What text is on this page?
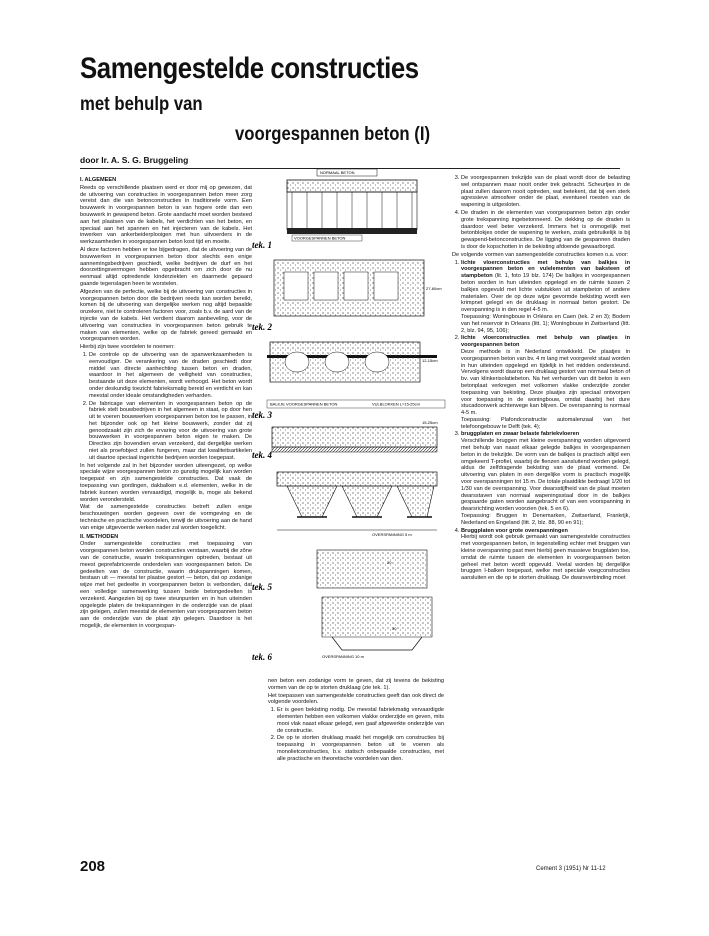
Samengestelde constructies
met behulp van
voorgespannen beton (I)
door Ir. A. S. G. Bruggeling
I. ALGEMEEN

Reeds op verschillende plaatsen werd er door mij op gewezen, dat de uitvoering van constructies in voorgespannen beton meer zorg vereist dan die van betonconstructies in traditionele vorm. Een bouwwerk in voorgespannen beton is van hogere orde dan een bouwwerk in gewapend beton. Grote aandacht moet worden besteed aan het plaatsen van de kabels, het verdichten van het beton, en speciaal aan het spannen en het injecteren van de kabels. Het inwerken van ankerbeiderplooigen met hun uitvoerders in de werkzaamheden in voorgespannen beton kost tijd en moeite.

Al deze factoren hebben er toe bijgedragen, dat de uitvoering van de bouwwerken in voorgespannen beton door slechts een enige aannemingsbedrijven geschiedt, welke bedrijven de durf en het doorzettingsvermogen hebben opgebracht om zich door de nu eenmaal altijd optredende kinderziekten en daarmede gepaard gaande tegenslagen heen te worstelen.

Afgezien van de perfectie, welke bij de uitvoering van constructies in voorgespannen beton door die bedrijven reeds kan worden bereikt, komen bij de uitvoering van dergelijke werken nog altijd bepaalde onzekere, niet te controleren factoren voor, zoals b.v. de aard van de injectie van de kabels. Het verdient daarom aanbeveling, voor de uitvoering van constructies in voorgespannen beton gebruik te maken van elementen, welke op de fabriek gereed gemaakt en voorgespannen worden.

Hierbij zijn twee voordelen te noemen:

1. De controle op de uitvoering van de spanwerkzaamheden is eenvoudiger. De verankering van de draden geschiedt door middel van directe aanhechting tussen beton en draden, waardoor in het algemeen de veiligheid van constructies, bestaande uit deze elementen, wordt verhoogd. Het beton wordt onder deskundig toezicht fabrieksmatig bereid en verdicht en kan meestal onder ideale omstandigheden verharden.
2. De fabricage van elementen in voorgespannen beton op de fabriek stelt bouwbedrijven in het algemeen in staat, op door hen uit te voeren bouwwerken voorgespannen beton toe te passen, in het bijzonder ook op het kleine bouwwerk, zonder dat zij genoodzaakt zijn zich de ervaring voor de uitvoering van grote bouwwerken in voorgespannen beton eigen te maken. De Directies zijn bovendien ervan verzekerd, dat dergelijke werken niet als proefobject zullen fungeren, maar dat kwaliteitsartikelen uit daartoe speciaal ingerichte bedrijven worden toegepast.

In het volgende zal in het bijzonder worden uiteengezet, op welke speciale wijze voorgespannen beton zo gunstig mogelijk kan worden toegepast en zijn samengestelde constructies. Dat vaak de toepassing van gordingen, dakbalken e.d. elementen, welke in de fabriek kunnen worden vervaardigd, mogelijk is, moge als bekend worden verondersteld.

Wat de samengestelde constructies betreft zullen enige beschouwingen worden gegeven over de vormgeving en de technische en practische voordelen, terwijl de uitvoering aan de hand van enige uitgevoerde werken nader zal worden toegelicht.

II. METHODEN

Onder samengestelde constructies met toepassing van voorgespannen beton worden constructies verstaan, waarbij die zône van de constructie, waarin trekspanningen optreden, bestaat uit meest geprefabriceerde onderdelen van voorgespannen beton. De gedeelten van de constructie, waarin drukspanningen komen, bestaan uit — meestal ter plaatse gestort — beton, dat op zodanige wijze met het gedeelte in voorgespannen beton is verbonden, dat een volledige samenwerking tussen beide betongedeelten is verzekerd. Aangezien bij op twee steunpunten en in hun uiteinden opgelegde platen de trekspanningen in de onderzijde van de plaat zijn gelegen, zullen meestal de elementen van voorgespannen beton aan de onderzijde van de plaat zijn gelegen. Daardoor is het mogelijk, de elementen in voorgespan-

NORMAAL BETON
VOORGESPANNEN BETON
tek. 1
27-60cm
tek. 2
12-15cm
BALKJE VOORGESPANNEN BETON	VULBLOKKEN L=15-25cm
tek. 3
15-25cm
tek. 4
OVERSPANNING 5 m
tek. 5
20
30
OVERSPANNING 10 m
tek. 6

nen beton een zodanige vorm te geven, dat zij tevens de bekisting vormen van de op te storten druklaag (zie tek. 1).

Het toepassen van samengestelde constructies geeft dan ook direct de volgende voordelen.

1. Er is geen bekisting nodig. De meestal fabriekmatig vervaardigde elementen hebben een volkomen vlakke onderzijde en geven, mits mooi vlak naast elkaar gelegd, een gaaf afgewerkte onderzijde van de constructie.
2. De op te storten druklaag maakt het mogelijk om constructies bij toepassing in voorgespannen beton uit te voeren als monolietconstructies, b.v. statisch onbepaalde constructies, met alle practische en theoretische voordelen van dien.
3. De voorgespannen trekzijde van de plaat wordt door de belasting wel ontspannen maar nooit onder trek gebracht. Scheurtjes in de plaat zullen daarom nooit optreden, wat betekent, dat bij een sterk agressieve atmosfeer onder de plaat, eventueel roesten van de wapening is uitgesloten.
4. De draden in de elementen van voorgespannen beton zijn onder grote trekspanning ingebetonneerd. De dekking op de draden is daardoor veel beter verzekerd. Immers het is onmogelijk met betonblokjes onder de wapening te werken, zoals gebruikelijk is bij gewapend-betonconstructies. De ligging van de gespannen draden is door de kopschotten in de bekisting afdoende gewaarborgd.

De volgende vormen van samengestelde constructies komen o.a. voor:

1. lichte vloerconstructies met behulp van balkjes in voorgespannen beton en vulelementen van baksteen of stampbeton (lit. 1, foto 19 blz. 174) De balkjes in voorgespannen beton worden in hun uiteinden opgelegd en de ruimte tussen 2 balkjes opgevuld met lichte vulstukken uit stampbeton of andere materialen. Over de op deze wijze gevormde bekisting wordt een krimpnet gelegd en de druklaag in normaal beton gestort. De overspanning is in den regel 4-5 m.
Toepassing: Woningbouw in Orléans en Caen (tek. 2 en 3); Bodem van het reservoir in Orleans (litt. 1); Woningbouw in Zwitserland (litt. 2, blz. 94, 95, 106);
2. lichte vloerconstructies met behulp van plaatjes in voorgespannen beton
Deze methode is in Nederland ontwikkeld. De plaatjes in voorgespannen beton van bv. 4 m lang met voorgerekt staal worden in hun uiteinden opgelegd en tijdelijk in het midden ondersteund. Vervolgens wordt daarop een druklaag gestort van normaal beton of bv. van klinkerisolatiebeton. Na het verharden van dit beton is een betonplaat verkregen met volkomen vlakke onderzijde zonder toepassing van bekisting. Deze plaatjes zijn speciaal ontworpen voor toepassing in de woningbouw, omdat daarbij het dure stucadoorwerk achterwege kan blijven. De overspanning is normaal 4-5 m.
Toepassing: Plafondconstructie automalenzaal van het telefoongebouw te Delft (tek. 4);
3. bruggplaten en zwaar belaste fabriekvloeren
Verschillende bruggen met kleine overspanning worden uitgevoerd met behulp van naast elkaar gelegde balkjes in voorgespannen beton in de trekzijde. De vorm van de balkjes is practisch altijd een omgekeerd T-profiel, waarbij de flenzen aansluitend worden gelegd, aldus de zelfdragende bekisting van de plaat vormend. De uitvoering van platen in een dergelijke vorm is practisch mogelijk voor overspanningen tot 15 m. De totale plaatdikte bedraagt 1/20 tot 1/30 van de overspanning. Voor dwarsstijfheid van de plaat moeten dwarsstaven van normaal wapeningsstaal door in de balkjes gespaarde gaten worden aangebracht of van een voorspanning in dwarsrichting worden voorzien (tek. 5 en 6).
Toepassing: Bruggen in Denemarken, Zwitserland, Frankrijk, Nederland en Engeland (litt. 2, blz. 88, 90 en 91);
4. Bruggplaten voor grote overspanningen
Hierbij wordt ook gebruik gemaakt van samengestelde constructies met voorgespannen beton, in tegenstelling echter met bruggen van kleine overspanning past men hierbij geen massieve brugplaten toe, omdat de ruimte tussen de elementen in voorgespannen beton geheel met beton wordt opgevuld. Veelal worden bij dergelijke bruggen I-balken toegepast, welke met speciale voegconstructies aansluiten en die op te storten druklaag. De dwarsverbinding moet
208	Cement 3 (1951) Nr 11-12
